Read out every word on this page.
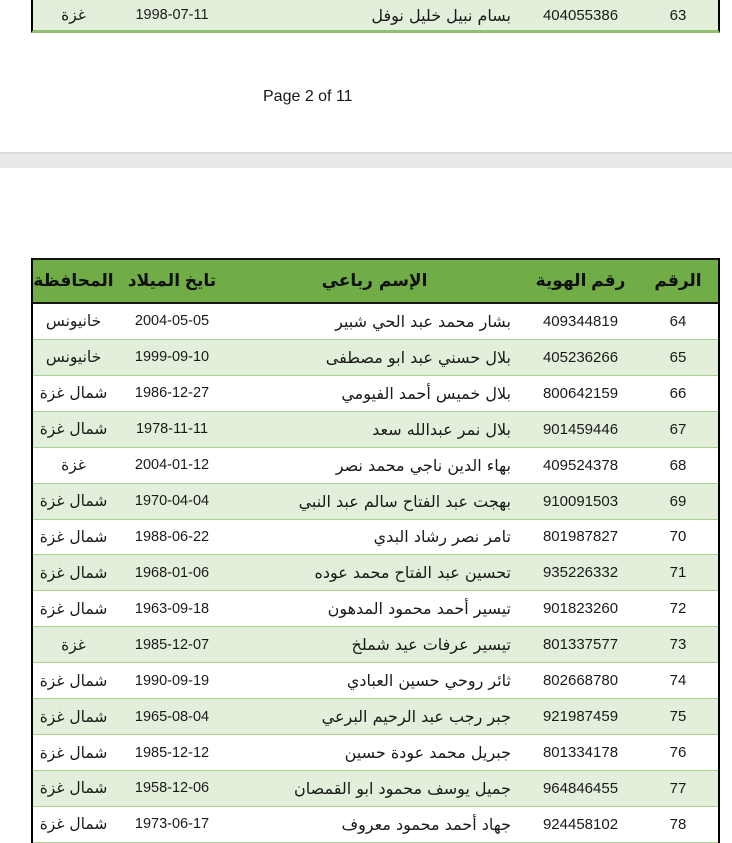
63
404055386
بسام نبيل خليل نوفل
1998-07-11
غزة
Page 2 of 11
الرقم
رقم الهوية
الإسم رباعي
تايخ الميلاد
المحافظة
64
409344819
بشار محمد عبد الحي شبير
2004-05-05
خانيونس
65
405236266
بلال حسني عبد ابو مصطفى
1999-09-10
خانيونس
66
800642159
بلال خميس أحمد الفيومي
1986-12-27
شمال غزة
67
901459446
بلال نمر عبدالله سعد
1978-11-11
شمال غزة
68
409524378
بهاء الدين ناجي محمد نصر
2004-01-12
غزة
69
910091503
بهجت عبد الفتاح سالم عبد النبي
1970-04-04
شمال غزة
70
801987827
تامر نصر رشاد البدي
1988-06-22
شمال غزة
71
935226332
تحسين عبد الفتاح محمد عوده
1968-01-06
شمال غزة
72
901823260
تيسير أحمد محمود المدهون
1963-09-18
شمال غزة
73
801337577
تيسير عرفات عيد شملخ
1985-12-07
غزة
74
802668780
ثائر روحي حسين العبادي
1990-09-19
شمال غزة
75
921987459
جبر رجب عبد الرحيم البرعي
1965-08-04
شمال غزة
76
801334178
جبريل محمد عودة حسين
1985-12-12
شمال غزة
77
964846455
جميل يوسف محمود ابو القمصان
1958-12-06
شمال غزة
78
924458102
جهاد أحمد محمود معروف
1973-06-17
شمال غزة
